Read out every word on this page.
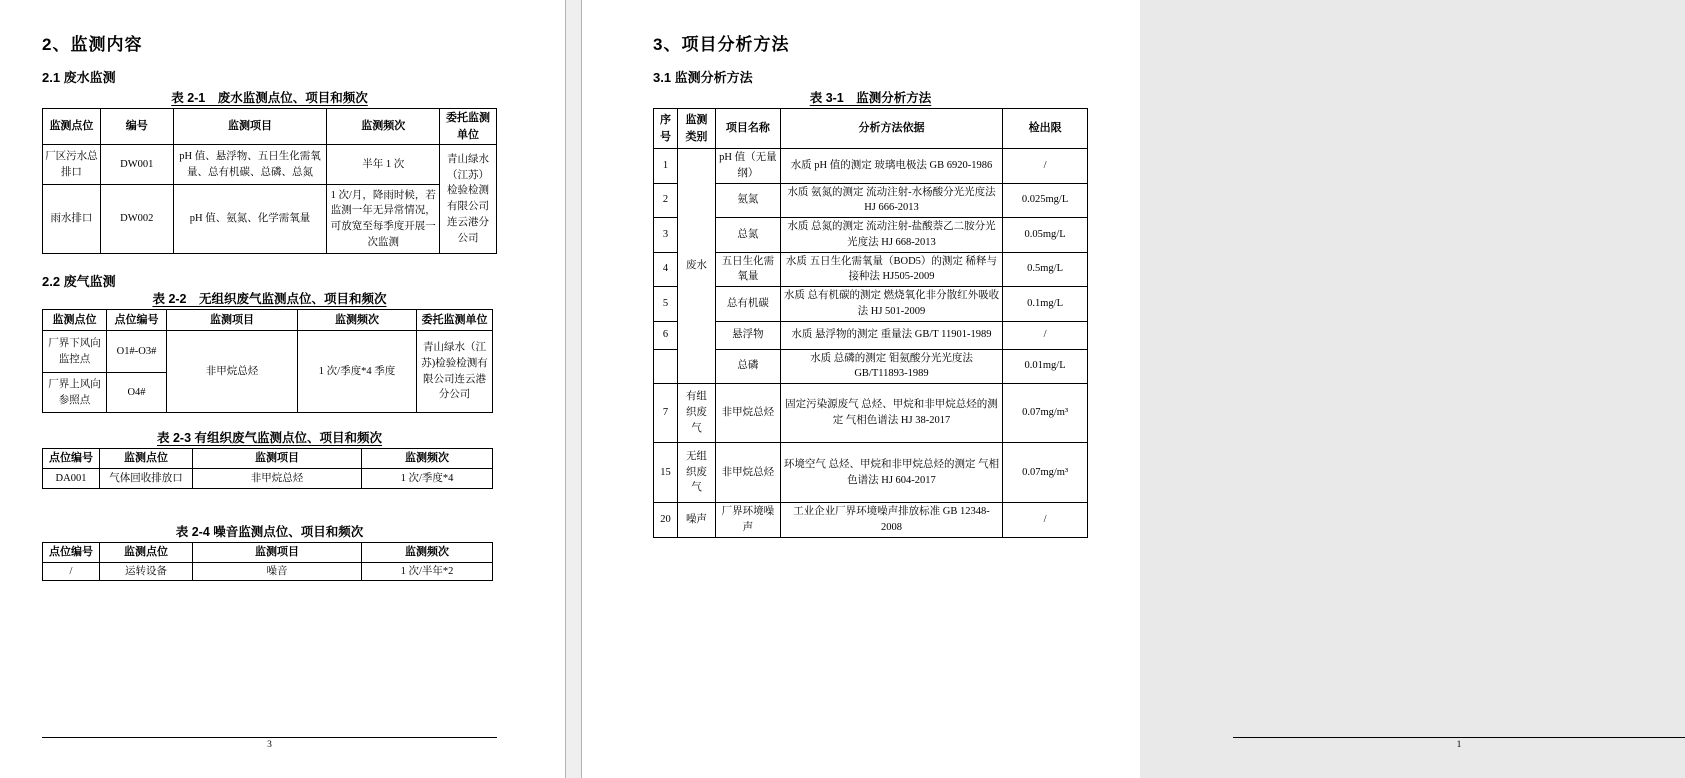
2、监测内容
2.1 废水监测
表 2-1　废水监测点位、项目和频次
监测点位	编号	监测项目	监测频次	委托监测单位
厂区污水总排口	DW001	pH 值、悬浮物、五日生化需氧量、总有机碳、总磷、总氮	半年 1 次	青山绿水（江苏）检验检测有限公司连云港分公司
雨水排口	DW002	pH 值、氨氮、化学需氧量	1 次/月，降雨时候，若监测一年无异常情况，可放宽至每季度开展一次监测	
2.2 废气监测
表 2-2　无组织废气监测点位、项目和频次
监测点位	点位编号	监测项目	监测频次	委托监测单位
厂界下风向监控点	O1#-O3#	非甲烷总烃	1 次/季度*4 季度	青山绿水（江苏)检验检测有限公司连云港分公司
厂界上风向参照点	O4#			
表 2-3 有组织废气监测点位、项目和频次
点位编号	监测点位	监测项目	监测频次
DA001	气体回收排放口	非甲烷总烃	1 次/季度*4
表 2-4 噪音监测点位、项目和频次
点位编号	监测点位	监测项目	监测频次
/	运转设备	噪音	1 次/半年*2
3
3、项目分析方法
3.1 监测分析方法
表 3-1　监测分析方法
序号	监测类别	项目名称	分析方法依据	检出限
1	废水	pH 值（无量纲）	水质 pH 值的测定 玻璃电极法 GB 6920-1986	/
2		氨氮	水质 氨氮的测定 流动注射-水杨酸分光光度法 HJ 666-2013	0.025mg/L
3		总氮	水质 总氮的测定 流动注射-盐酸萘乙二胺分光光度法 HJ 668-2013	0.05mg/L
4		五日生化需氧量	水质 五日生化需氧量（BOD5）的测定 稀释与接种法 HJ505-2009	0.5mg/L
5		总有机碳	水质 总有机碳的测定 燃烧氧化非分散红外吸收法 HJ 501-2009	0.1mg/L
6		悬浮物	水质 悬浮物的测定 重量法 GB/T 11901-1989	/
		总磷	水质 总磷的测定 钼氨酸分光光度法 GB/T11893-1989	0.01mg/L
7	有组织废气	非甲烷总烃	固定污染源废气 总烃、甲烷和非甲烷总烃的测定 气相色谱法 HJ 38-2017	0.07mg/m³
15	无组织废气	非甲烷总烃	环境空气 总烃、甲烷和非甲烷总烃的测定 气相色谱法 HJ 604-2017	0.07mg/m³
20	噪声	厂界环境噪声	工业企业厂界环境噪声排放标准 GB 12348-2008	/
1
